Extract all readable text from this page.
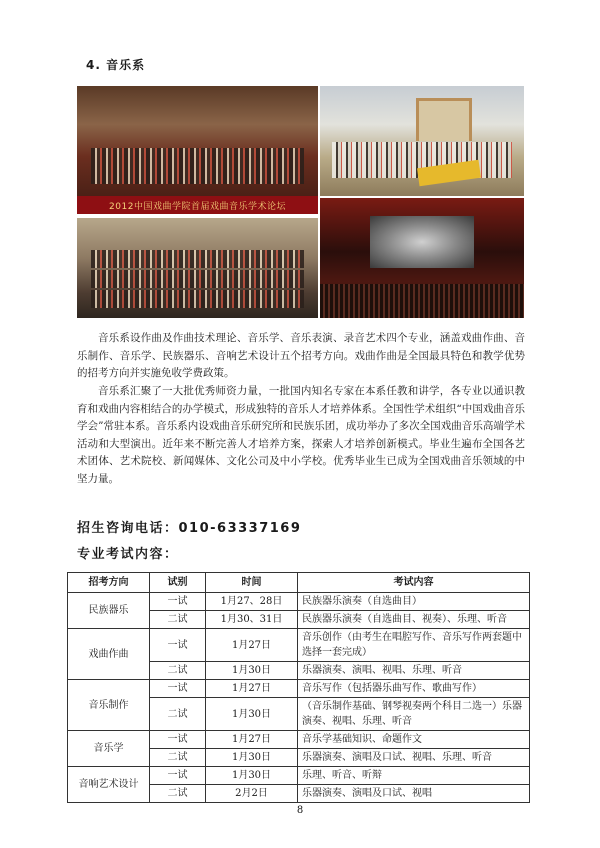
4. 音乐系
2012中国戏曲学院首届戏曲音乐学术论坛

音乐系设作曲及作曲技术理论、音乐学、音乐表演、录音艺术四个专业，涵盖戏曲作曲、音乐制作、音乐学、民族器乐、音响艺术设计五个招考方向。戏曲作曲是全国最具特色和教学优势的招考方向并实施免收学费政策。

音乐系汇聚了一大批优秀师资力量，一批国内知名专家在本系任教和讲学，各专业以通识教育和戏曲内容相结合的办学模式，形成独特的音乐人才培养体系。全国性学术组织“中国戏曲音乐学会”常驻本系。音乐系内设戏曲音乐研究所和民族乐团，成功举办了多次全国戏曲音乐高端学术活动和大型演出。近年来不断完善人才培养方案，探索人才培养创新模式。毕业生遍布全国各艺术团体、艺术院校、新闻媒体、文化公司及中小学校。优秀毕业生已成为全国戏曲音乐领域的中坚力量。

招生咨询电话：010-63337169
专业考试内容：
招考方向	试别	时间	考试内容
民族器乐	一试	1月27、28日	民族器乐演奏（自选曲目）
	二试	1月30、31日	民族器乐演奏（自选曲目、视奏）、乐理、听音
戏曲作曲	一试	1月27日	音乐创作（由考生在唱腔写作、音乐写作两套题中选择一套完成）
	二试	1月30日	乐器演奏、演唱、视唱、乐理、听音
音乐制作	一试	1月27日	音乐写作（包括器乐曲写作、歌曲写作）
	二试	1月30日	（音乐制作基础、钢琴视奏两个科目二选一）乐器演奏、视唱、乐理、听音
音乐学	一试	1月27日	音乐学基础知识、命题作文
	二试	1月30日	乐器演奏、演唱及口试、视唱、乐理、听音
音响艺术设计	一试	1月30日	乐理、听音、听辩
	二试	2月2日	乐器演奏、演唱及口试、视唱
8
